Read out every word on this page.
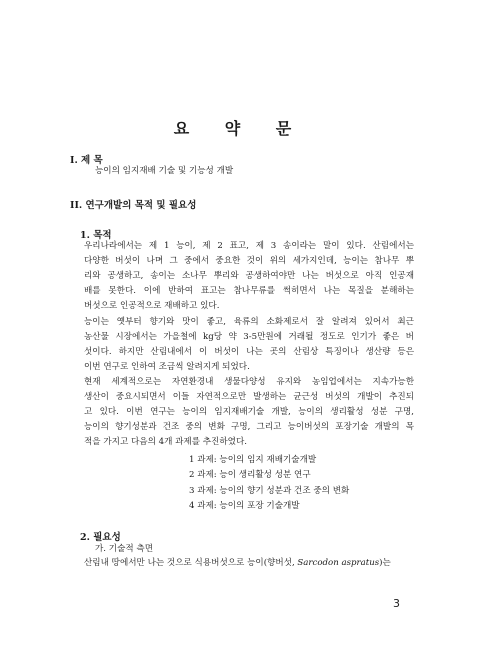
요 약 문
I. 제 목
능이의 임지재배 기술 및 기능성 개발
II. 연구개발의 목적 및 필요성
1. 목적
우리나라에서는 제 1 능이, 제 2 표고, 제 3 송이라는 말이 있다. 산림에서는
다양한 버섯이 나며 그 중에서 중요한 것이 위의 세가지인데, 능이는 참나무 뿌
리와 공생하고, 송이는 소나무 뿌리와 공생하여야만 나는 버섯으로 아직 인공재
배를 못한다. 이에 반하여 표고는 참나무류를 썩히면서 나는 목질을 분해하는
버섯으로 인공적으로 재배하고 있다.
능이는 옛부터 향기와 맛이 좋고, 육류의 소화제로서 잘 알려져 있어서 최근
농산물 시장에서는 가을철에 kg당 약 3-5만원에 거래될 정도로 인기가 좋은 버
섯이다. 하지만 산림내에서 이 버섯이 나는 곳의 산림상 특징이나 생산량 등은
이번 연구로 인하여 조금씩 알려지게 되었다.
현재 세계적으로는 자연환경내 생물다양성 유지와 농임업에서는 지속가능한
생산이 중요시되면서 이들 자연적으로만 발생하는 균근성 버섯의 개발이 추진되
고 있다. 이번 연구는 능이의 임지재배기술 개발, 능이의 생리활성 성분 구명,
능이의 향기성분과 건조 중의 변화 구명, 그리고 능이버섯의 포장기술 개발의 목
적을 가지고 다음의 4개 과제를 추진하였다.
1 과제: 능이의 임지 재배기술개발
2 과제: 능이 생리활성 성분 연구
3 과제: 능이의 향기 성분과 건조 중의 변화
4 과제: 능이의 포장 기술개발
2. 필요성
가. 기술적 측면
산림내 땅에서만 나는 것으로 식용버섯으로 능이(향버섯, Sarcodon aspratus)는
3
